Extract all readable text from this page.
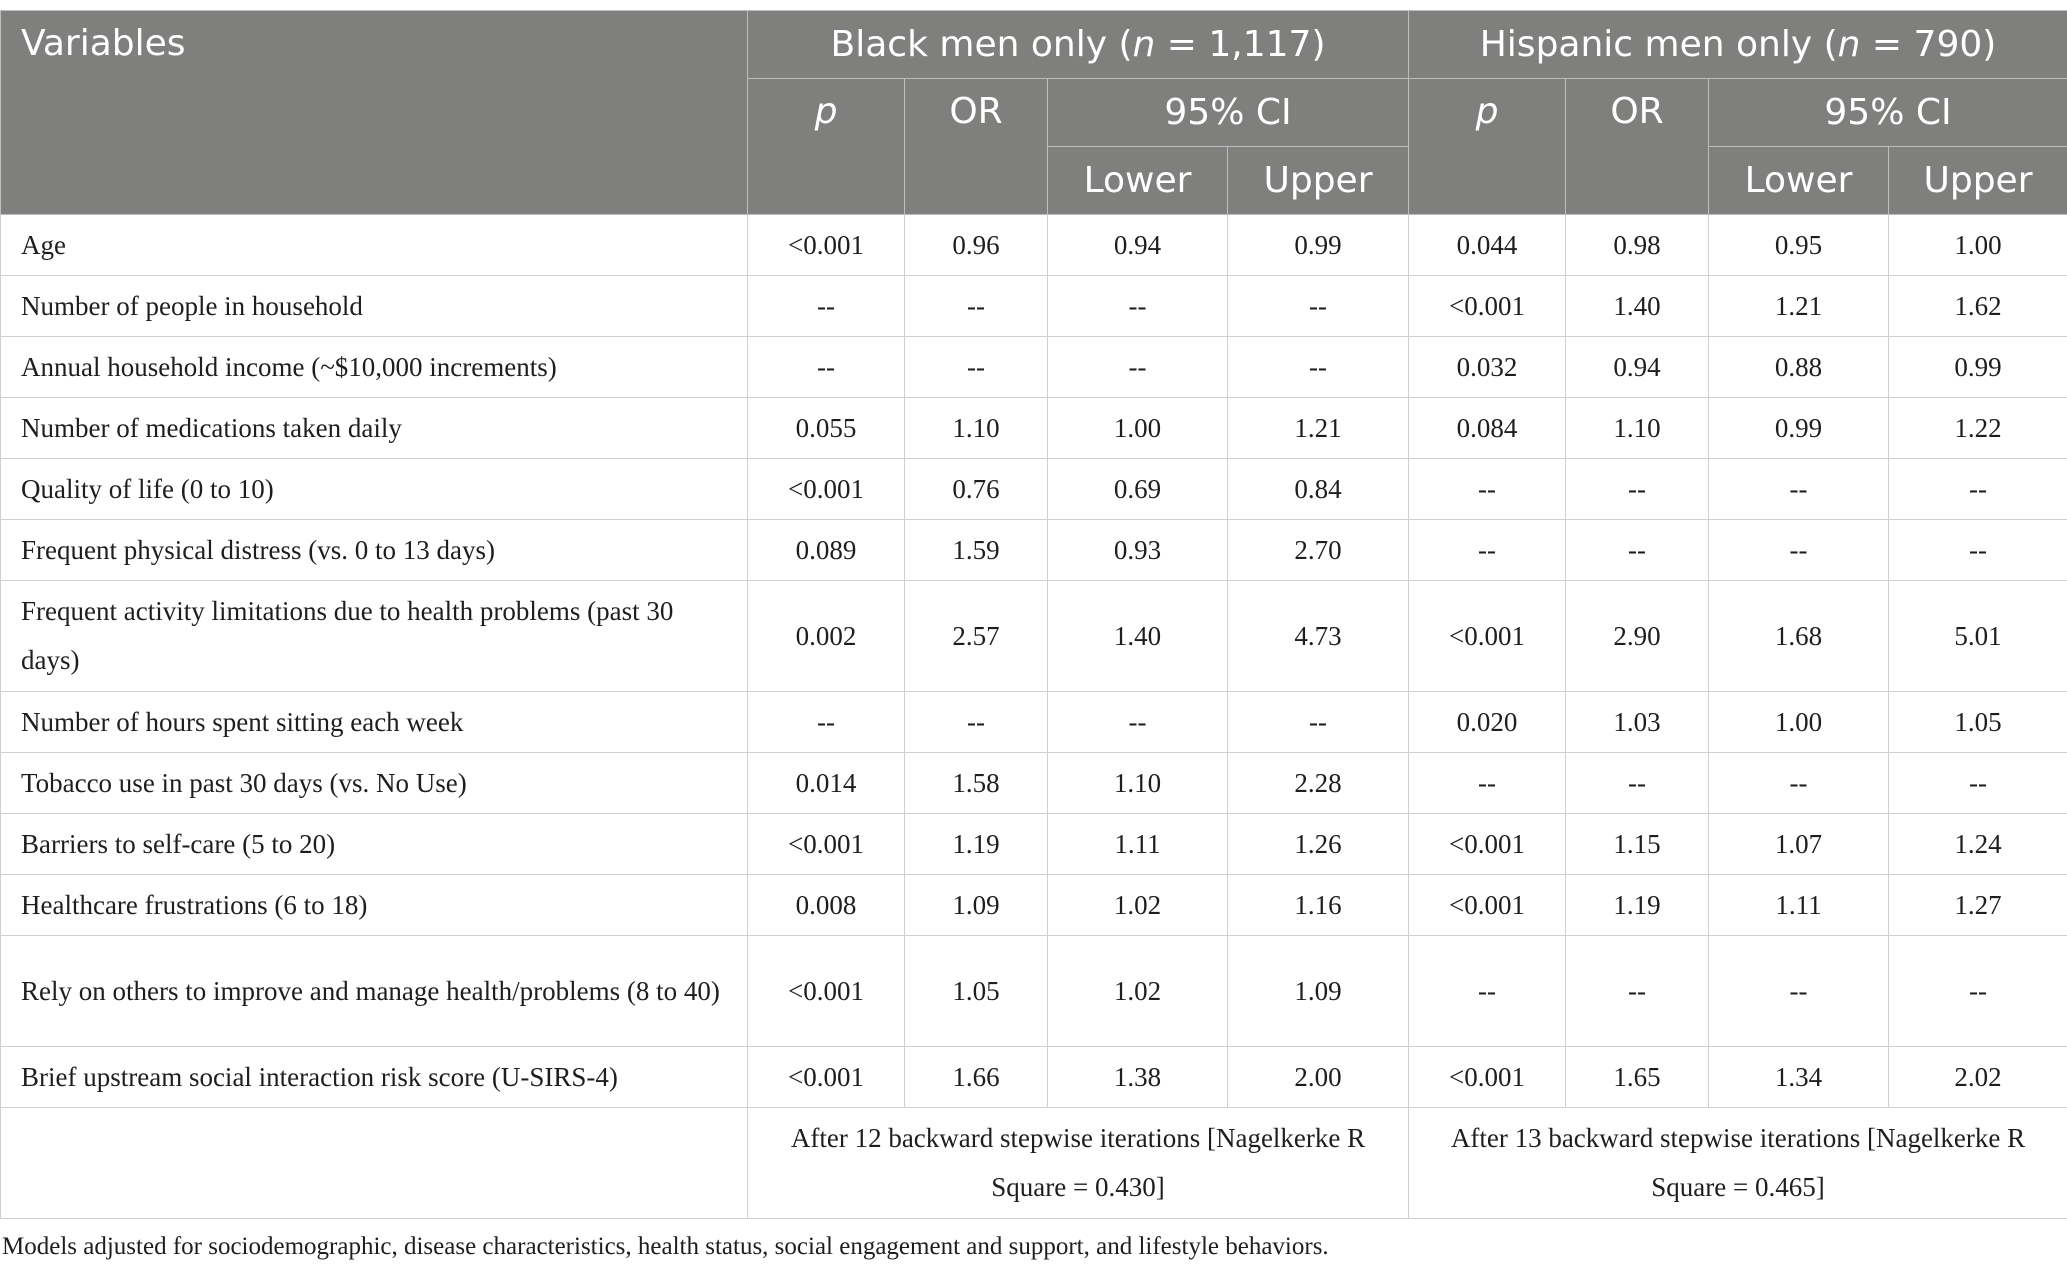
Variables	Black men only (n = 1,117)				Hispanic men only (n = 790)			
	p	OR	95% CI		p	OR	95% CI	
			Lower	Upper			Lower	Upper
Age	<0.001	0.96	0.94	0.99	0.044	0.98	0.95	1.00
Number of people in household	--	--	--	--	<0.001	1.40	1.21	1.62
Annual household income (~$10,000 increments)	--	--	--	--	0.032	0.94	0.88	0.99
Number of medications taken daily	0.055	1.10	1.00	1.21	0.084	1.10	0.99	1.22
Quality of life (0 to 10)	<0.001	0.76	0.69	0.84	--	--	--	--
Frequent physical distress (vs. 0 to 13 days)	0.089	1.59	0.93	2.70	--	--	--	--
Frequent activity limitations due to health problems (past 30 days)	0.002	2.57	1.40	4.73	<0.001	2.90	1.68	5.01
Number of hours spent sitting each week	--	--	--	--	0.020	1.03	1.00	1.05
Tobacco use in past 30 days (vs. No Use)	0.014	1.58	1.10	2.28	--	--	--	--
Barriers to self-care (5 to 20)	<0.001	1.19	1.11	1.26	<0.001	1.15	1.07	1.24
Healthcare frustrations (6 to 18)	0.008	1.09	1.02	1.16	<0.001	1.19	1.11	1.27
Rely on others to improve and manage health/problems (8 to 40)	<0.001	1.05	1.02	1.09	--	--	--	--
Brief upstream social interaction risk score (U-SIRS-4)	<0.001	1.66	1.38	2.00	<0.001	1.65	1.34	2.02
	After 12 backward stepwise iterations [Nagelkerke R Square = 0.430]				After 13 backward stepwise iterations [Nagelkerke R Square = 0.465]			
Models adjusted for sociodemographic, disease characteristics, health status, social engagement and support, and lifestyle behaviors.
